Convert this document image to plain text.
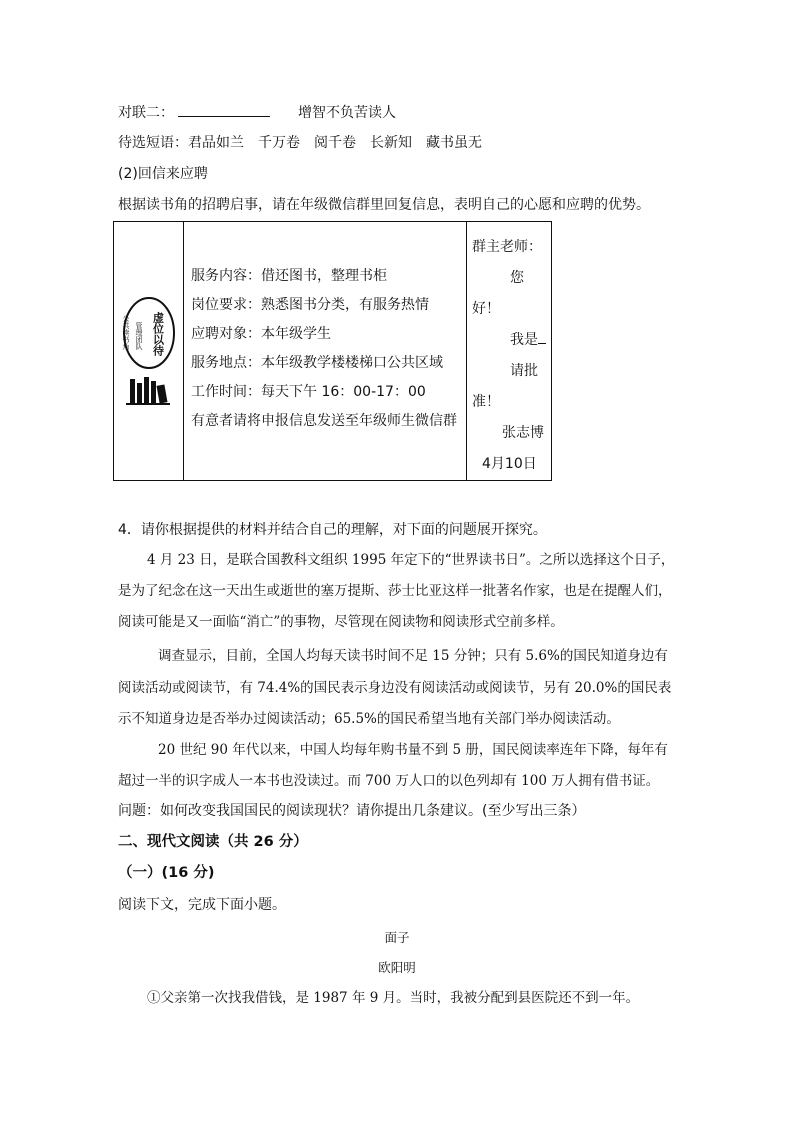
对联二：	增智不负苦读人
待选短语：君品如兰 千万卷 阅千卷 长新知 藏书虽无
(2)回信来应聘
根据读书角的招聘启事，请在年级微信群里回复信息，表明自己的心愿和应聘的优势。
公共读书角 管理团队 虚位以待
服务内容：借还图书，整理书柜
岗位要求：熟悉图书分类，有服务热情
应聘对象：本年级学生
服务地点：本年级教学楼楼梯口公共区域
工作时间：每天下午 16：00-17：00
有意者请将申报信息发送至年级师生微信群
群主老师：
您
好！
我是
请批
准！
张志博
4月10日
4．请你根据提供的材料并结合自己的理解，对下面的问题展开探究。
4 月 23 日，是联合国教科文组织 1995 年定下的“世界读书日”。之所以选择这个日子，
是为了纪念在这一天出生或逝世的塞万提斯、莎士比亚这样一批著名作家，也是在提醒人们，
阅读可能是又一面临“消亡”的事物，尽管现在阅读物和阅读形式空前多样。
调查显示，目前，全国人均每天读书时间不足 15 分钟；只有 5.6%的国民知道身边有
阅读活动或阅读节，有 74.4%的国民表示身边没有阅读活动或阅读节，另有 20.0%的国民表
示不知道身边是否举办过阅读活动；65.5%的国民希望当地有关部门举办阅读活动。
20 世纪 90 年代以来，中国人均每年购书量不到 5 册，国民阅读率连年下降，每年有
超过一半的识字成人一本书也没读过。而 700 万人口的以色列却有 100 万人拥有借书证。
问题：如何改变我国国民的阅读现状？请你提出几条建议。(至少写出三条）
二、现代文阅读（共 26 分）
（一）(16 分)
阅读下文，完成下面小题。
面子
欧阳明
①父亲第一次找我借钱，是 1987 年 9 月。当时，我被分配到县医院还不到一年。
